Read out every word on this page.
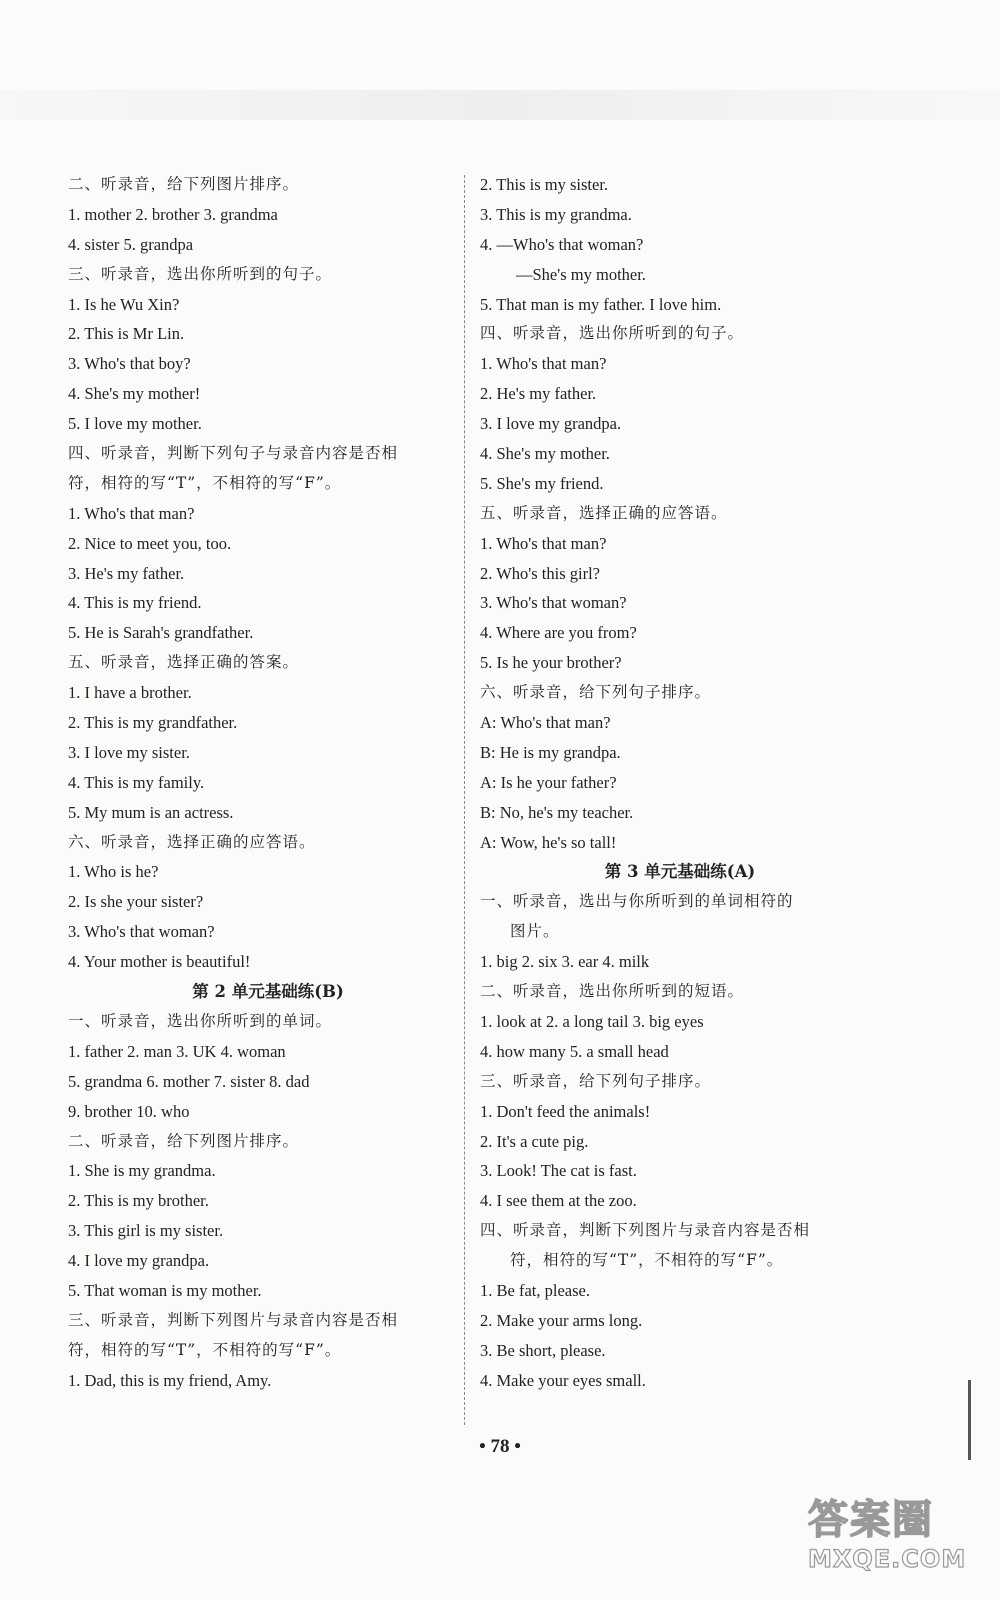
二、听录音，给下列图片排序。
1. mother 2. brother 3. grandma
4. sister 5. grandpa
三、听录音，选出你所听到的句子。
1. Is he Wu Xin?
2. This is Mr Lin.
3. Who's that boy?
4. She's my mother!
5. I love my mother.
四、听录音，判断下列句子与录音内容是否相
符，相符的写“T”，不相符的写“F”。
1. Who's that man?
2. Nice to meet you, too.
3. He's my father.
4. This is my friend.
5. He is Sarah's grandfather.
五、听录音，选择正确的答案。
1. I have a brother.
2. This is my grandfather.
3. I love my sister.
4. This is my family.
5. My mum is an actress.
六、听录音，选择正确的应答语。
1. Who is he?
2. Is she your sister?
3. Who's that woman?
4. Your mother is beautiful!
第 2 单元基础练(B)
一、听录音，选出你所听到的单词。
1. father 2. man 3. UK 4. woman
5. grandma 6. mother 7. sister 8. dad
9. brother 10. who
二、听录音，给下列图片排序。
1. She is my grandma.
2. This is my brother.
3. This girl is my sister.
4. I love my grandpa.
5. That woman is my mother.
三、听录音，判断下列图片与录音内容是否相
符，相符的写“T”，不相符的写“F”。
1. Dad, this is my friend, Amy.
2. This is my sister.
3. This is my grandma.
4. —Who's that woman?
—She's my mother.
5. That man is my father. I love him.
四、听录音，选出你所听到的句子。
1. Who's that man?
2. He's my father.
3. I love my grandpa.
4. She's my mother.
5. She's my friend.
五、听录音，选择正确的应答语。
1. Who's that man?
2. Who's this girl?
3. Who's that woman?
4. Where are you from?
5. Is he your brother?
六、听录音，给下列句子排序。
A: Who's that man?
B: He is my grandpa.
A: Is he your father?
B: No, he's my teacher.
A: Wow, he's so tall!
第 3 单元基础练(A)
一、听录音，选出与你所听到的单词相符的
图片。
1. big 2. six 3. ear 4. milk
二、听录音，选出你所听到的短语。
1. look at 2. a long tail 3. big eyes
4. how many 5. a small head
三、听录音，给下列句子排序。
1. Don't feed the animals!
2. It's a cute pig.
3. Look! The cat is fast.
4. I see them at the zoo.
四、听录音，判断下列图片与录音内容是否相
符，相符的写“T”，不相符的写“F”。
1. Be fat, please.
2. Make your arms long.
3. Be short, please.
4. Make your eyes small.
• 78 •
答案圈
MXQE.COM
